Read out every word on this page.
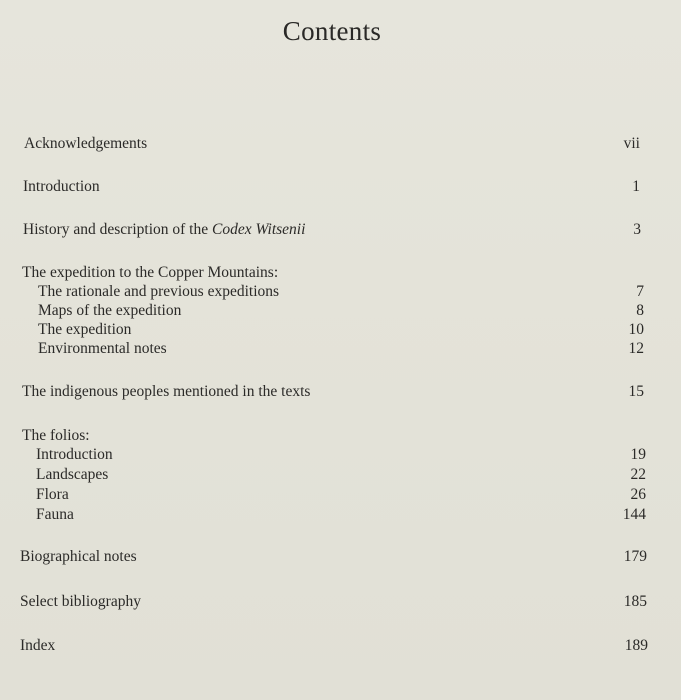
Contents
Acknowledgements	vii
Introduction	1
History and description of the Codex Witsenii	3
The expedition to the Copper Mountains:
The rationale and previous expeditions	7
Maps of the expedition	8
The expedition	10
Environmental notes	12
The indigenous peoples mentioned in the texts	15
The folios:
Introduction	19
Landscapes	22
Flora	26
Fauna	144
Biographical notes	179
Select bibliography	185
Index	189
